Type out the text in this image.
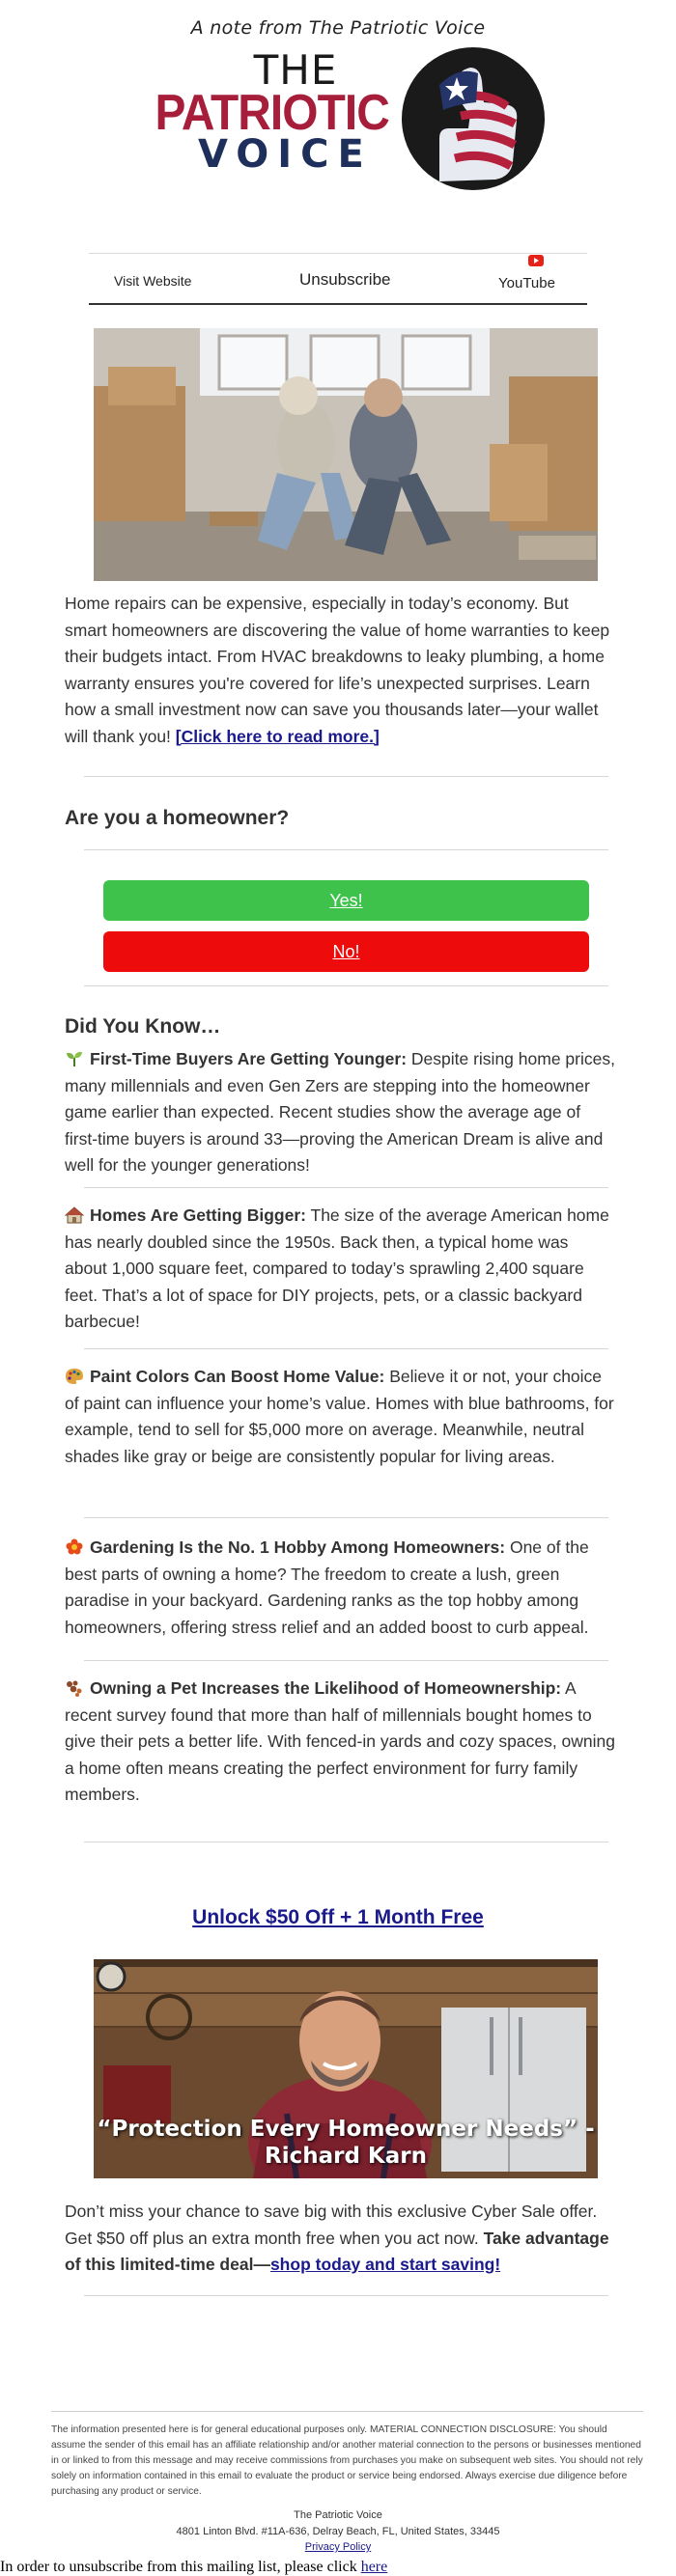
A note from The Patriotic Voice
THE
PATRIOTIC
VOICE
Visit Website	Unsubscribe	YouTube
Home repairs can be expensive, especially in today’s economy. But smart homeowners are discovering the value of home warranties to keep their budgets intact. From HVAC breakdowns to leaky plumbing, a home warranty ensures you're covered for life’s unexpected surprises. Learn how a small investment now can save you thousands later—your wallet will thank you! [Click here to read more.]
Are you a homeowner?
Yes!
No!
Did You Know…
First-Time Buyers Are Getting Younger: Despite rising home prices, many millennials and even Gen Zers are stepping into the homeowner game earlier than expected. Recent studies show the average age of first-time buyers is around 33—proving the American Dream is alive and well for the younger generations!
Homes Are Getting Bigger: The size of the average American home has nearly doubled since the 1950s. Back then, a typical home was about 1,000 square feet, compared to today’s sprawling 2,400 square feet. That’s a lot of space for DIY projects, pets, or a classic backyard barbecue!
Paint Colors Can Boost Home Value: Believe it or not, your choice of paint can influence your home’s value. Homes with blue bathrooms, for example, tend to sell for $5,000 more on average. Meanwhile, neutral shades like gray or beige are consistently popular for living areas.
Gardening Is the No. 1 Hobby Among Homeowners: One of the best parts of owning a home? The freedom to create a lush, green paradise in your backyard. Gardening ranks as the top hobby among homeowners, offering stress relief and an added boost to curb appeal.
Owning a Pet Increases the Likelihood of Homeownership: A recent survey found that more than half of millennials bought homes to give their pets a better life. With fenced-in yards and cozy spaces, owning a home often means creating the perfect environment for furry family members.
Unlock $50 Off + 1 Month Free
“Protection Every Homeowner Needs” -
Richard Karn
Don’t miss your chance to save big with this exclusive Cyber Sale offer. Get $50 off plus an extra month free when you act now. Take advantage of this limited-time deal—shop today and start saving!
The information presented here is for general educational purposes only. MATERIAL CONNECTION DISCLOSURE: You should assume the sender of this email has an affiliate relationship and/or another material connection to the persons or businesses mentioned in or linked to from this message and may receive commissions from purchases you make on subsequent web sites. You should not rely solely on information contained in this email to evaluate the product or service being endorsed. Always exercise due diligence before purchasing any product or service.
The Patriotic Voice
4801 Linton Blvd. #11A-636, Delray Beach, FL, United States, 33445
Privacy Policy
In order to unsubscribe from this mailing list, please click here
